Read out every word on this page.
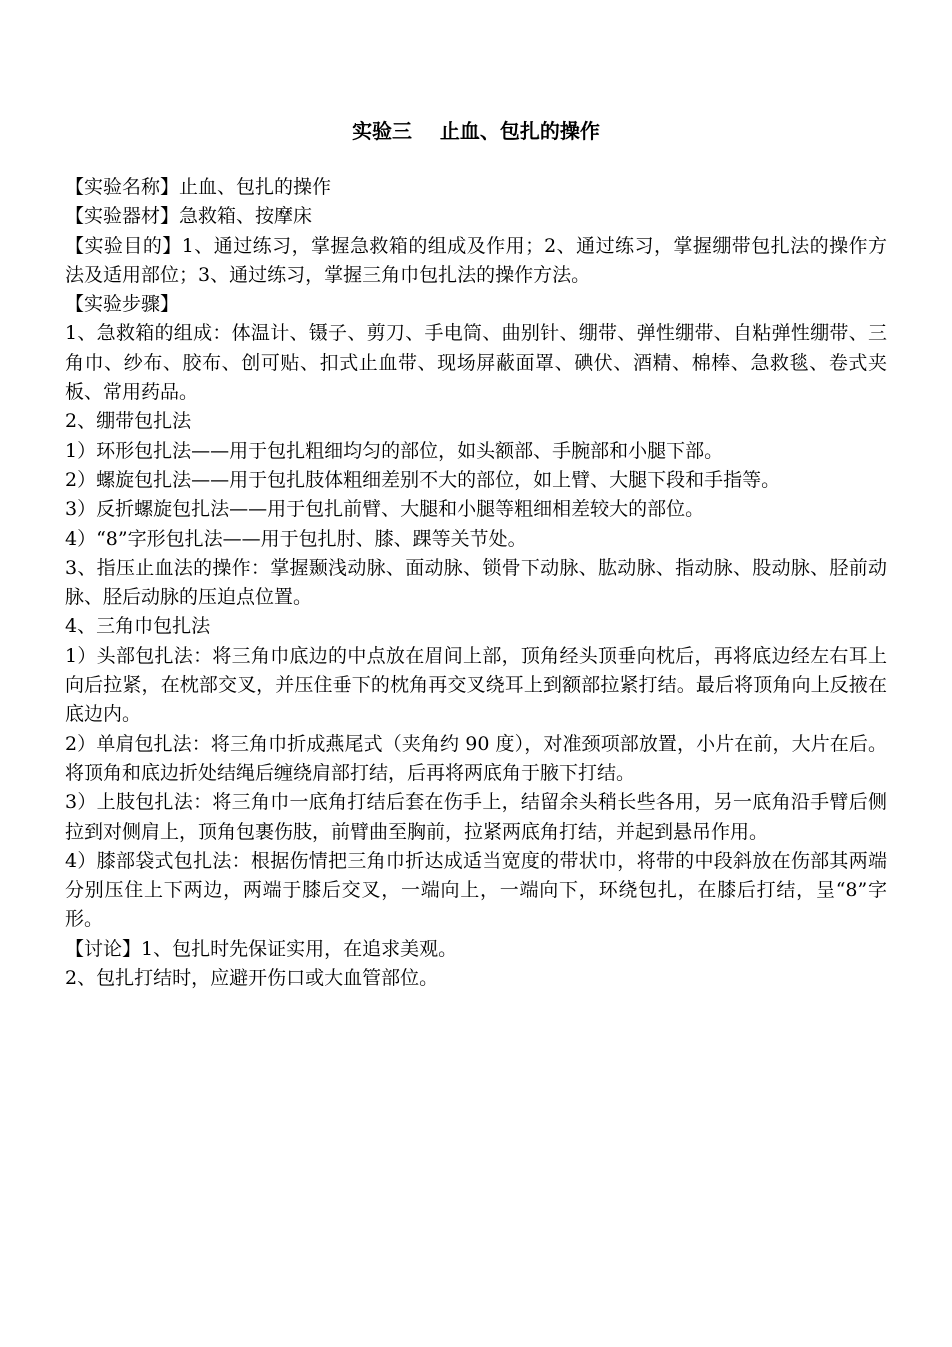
实验三    止血、包扎的操作

【实验名称】止血、包扎的操作

【实验器材】急救箱、按摩床

【实验目的】1、通过练习，掌握急救箱的组成及作用；2、通过练习，掌握绷带包扎法的操作方法及适用部位；3、通过练习，掌握三角巾包扎法的操作方法。

【实验步骤】

1、急救箱的组成：体温计、镊子、剪刀、手电筒、曲别针、绷带、弹性绷带、自粘弹性绷带、三角巾、纱布、胶布、创可贴、扣式止血带、现场屏蔽面罩、碘伏、酒精、棉棒、急救毯、卷式夹板、常用药品。

2、绷带包扎法

1）环形包扎法——用于包扎粗细均匀的部位，如头额部、手腕部和小腿下部。

2）螺旋包扎法——用于包扎肢体粗细差别不大的部位，如上臂、大腿下段和手指等。

3）反折螺旋包扎法——用于包扎前臂、大腿和小腿等粗细相差较大的部位。

4）“8”字形包扎法——用于包扎肘、膝、踝等关节处。

3、指压止血法的操作：掌握颞浅动脉、面动脉、锁骨下动脉、肱动脉、指动脉、股动脉、胫前动脉、胫后动脉的压迫点位置。

4、三角巾包扎法

1）头部包扎法：将三角巾底边的中点放在眉间上部，顶角经头顶垂向枕后，再将底边经左右耳上向后拉紧，在枕部交叉，并压住垂下的枕角再交叉绕耳上到额部拉紧打结。最后将顶角向上反掖在底边内。

2）单肩包扎法：将三角巾折成燕尾式（夹角约 90 度），对准颈项部放置，小片在前，大片在后。将顶角和底边折处结绳后缠绕肩部打结，后再将两底角于腋下打结。

3）上肢包扎法：将三角巾一底角打结后套在伤手上，结留余头稍长些各用，另一底角沿手臂后侧拉到对侧肩上，顶角包裹伤肢，前臂曲至胸前，拉紧两底角打结，并起到悬吊作用。

4）膝部袋式包扎法：根据伤情把三角巾折达成适当宽度的带状巾，将带的中段斜放在伤部其两端分别压住上下两边，两端于膝后交叉，一端向上，一端向下，环绕包扎，在膝后打结，呈“8”字形。

【讨论】1、包扎时先保证实用，在追求美观。

2、包扎打结时，应避开伤口或大血管部位。
